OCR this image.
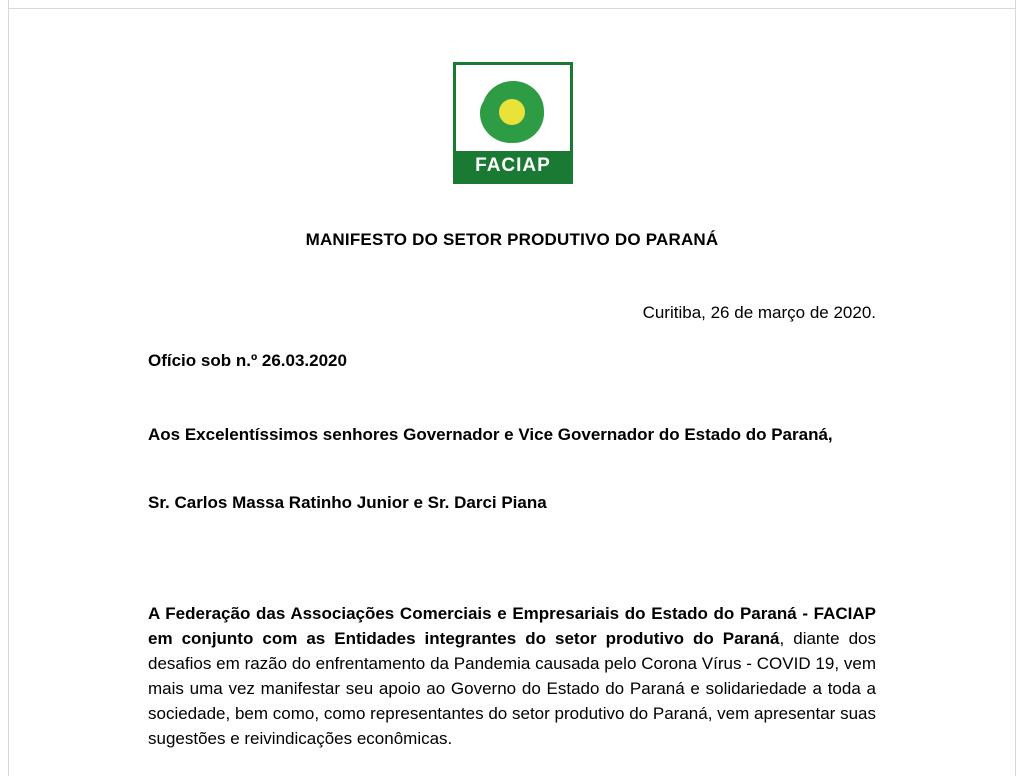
FACIAP
MANIFESTO DO SETOR PRODUTIVO DO PARANÁ
Curitiba, 26 de março de 2020.
Ofício sob n.º 26.03.2020
Aos Excelentíssimos senhores Governador e Vice Governador do Estado do Paraná,
Sr. Carlos Massa Ratinho Junior e Sr. Darci Piana
A Federação das Associações Comerciais e Empresariais do Estado do Paraná - FACIAP em conjunto com as Entidades integrantes do setor produtivo do Paraná, diante dos desafios em razão do enfrentamento da Pandemia causada pelo Corona Vírus - COVID 19, vem mais uma vez manifestar seu apoio ao Governo do Estado do Paraná e solidariedade a toda a sociedade, bem como, como representantes do setor produtivo do Paraná, vem apresentar suas sugestões e reivindicações econômicas.
